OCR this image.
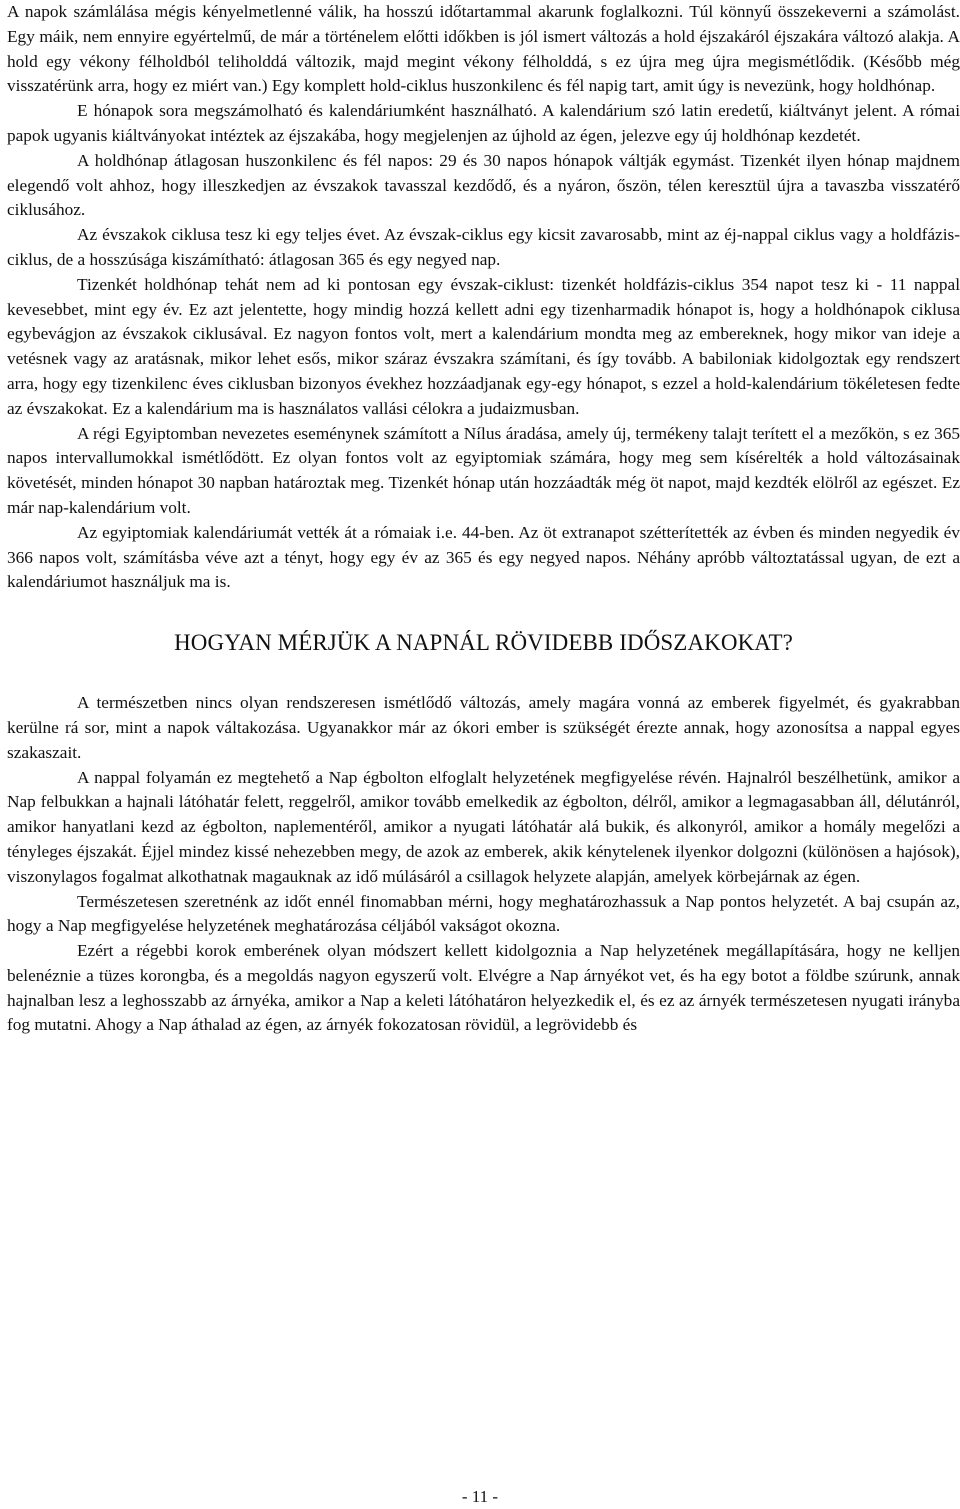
A napok számlálása mégis kényelmetlenné válik, ha hosszú időtartammal akarunk foglalkozni. Túl könnyű összekeverni a számolást. Egy máik, nem ennyire egyértelmű, de már a történelem előtti időkben is jól ismert változás a hold éjszakáról éjszakára változó alakja. A hold egy vékony félholdból teliholddá változik, majd megint vékony félholddá, s ez újra meg újra megismétlődik. (Később még visszatérünk arra, hogy ez miért van.) Egy komplett hold-ciklus huszonkilenc és fél napig tart, amit úgy is nevezünk, hogy holdhónap.

E hónapok sora megszámolható és kalendáriumként használható. A kalendárium szó latin eredetű, kiáltványt jelent. A római papok ugyanis kiáltványokat intéztek az éjszakába, hogy megjelenjen az újhold az égen, jelezve egy új holdhónap kezdetét.

A holdhónap átlagosan huszonkilenc és fél napos: 29 és 30 napos hónapok váltják egymást. Tizenkét ilyen hónap majdnem elegendő volt ahhoz, hogy illeszkedjen az évszakok tavasszal kezdődő, és a nyáron, őszön, télen keresztül újra a tavaszba visszatérő ciklusához.

Az évszakok ciklusa tesz ki egy teljes évet. Az évszak-ciklus egy kicsit zavarosabb, mint az éj-nappal ciklus vagy a holdfázis-ciklus, de a hosszúsága kiszámítható: átlagosan 365 és egy negyed nap.

Tizenkét holdhónap tehát nem ad ki pontosan egy évszak-ciklust: tizenkét holdfázis-ciklus 354 napot tesz ki - 11 nappal kevesebbet, mint egy év. Ez azt jelentette, hogy mindig hozzá kellett adni egy tizenharmadik hónapot is, hogy a holdhónapok ciklusa egybevágjon az évszakok ciklusával. Ez nagyon fontos volt, mert a kalendárium mondta meg az embereknek, hogy mikor van ideje a vetésnek vagy az aratásnak, mikor lehet esős, mikor száraz évszakra számítani, és így tovább. A babiloniak kidolgoztak egy rendszert arra, hogy egy tizenkilenc éves ciklusban bizonyos évekhez hozzáadjanak egy-egy hónapot, s ezzel a hold-kalendárium tökéletesen fedte az évszakokat. Ez a kalendárium ma is használatos vallási célokra a judaizmusban.

A régi Egyiptomban nevezetes eseménynek számított a Nílus áradása, amely új, termékeny talajt terített el a mezőkön, s ez 365 napos intervallumokkal ismétlődött. Ez olyan fontos volt az egyiptomiak számára, hogy meg sem kísérelték a hold változásainak követését, minden hónapot 30 napban határoztak meg. Tizenkét hónap után hozzáadták még öt napot, majd kezdték elölről az egészet. Ez már nap-kalendárium volt.

Az egyiptomiak kalendáriumát vették át a rómaiak i.e. 44-ben. Az öt extranapot szétterítették az évben és minden negyedik év 366 napos volt, számításba véve azt a tényt, hogy egy év az 365 és egy negyed napos. Néhány apróbb változtatással ugyan, de ezt a kalendáriumot használjuk ma is.

HOGYAN MÉRJÜK A NAPNÁL RÖVIDEBB IDŐSZAKOKAT?

A természetben nincs olyan rendszeresen ismétlődő változás, amely magára vonná az emberek figyelmét, és gyakrabban kerülne rá sor, mint a napok váltakozása. Ugyanakkor már az ókori ember is szükségét érezte annak, hogy azonosítsa a nappal egyes szakaszait.

A nappal folyamán ez megtehető a Nap égbolton elfoglalt helyzetének megfigyelése révén. Hajnalról beszélhetünk, amikor a Nap felbukkan a hajnali látóhatár felett, reggelről, amikor tovább emelkedik az égbolton, délről, amikor a legmagasabban áll, délutánról, amikor hanyatlani kezd az égbolton, naplementéről, amikor a nyugati látóhatár alá bukik, és alkonyról, amikor a homály megelőzi a tényleges éjszakát. Éjjel mindez kissé nehezebben megy, de azok az emberek, akik kénytelenek ilyenkor dolgozni (különösen a hajósok), viszonylagos fogalmat alkothatnak magauknak az idő múlásáról a csillagok helyzete alapján, amelyek körbejárnak az égen.

Természetesen szeretnénk az időt ennél finomabban mérni, hogy meghatározhassuk a Nap pontos helyzetét. A baj csupán az, hogy a Nap megfigyelése helyzetének meghatározása céljából vakságot okozna.

Ezért a régebbi korok emberének olyan módszert kellett kidolgoznia a Nap helyzetének megállapítására, hogy ne kelljen belenéznie a tüzes korongba, és a megoldás nagyon egyszerű volt. Elvégre a Nap árnyékot vet, és ha egy botot a földbe szúrunk, annak hajnalban lesz a leghosszabb az árnyéka, amikor a Nap a keleti látóhatáron helyezkedik el, és ez az árnyék természetesen nyugati irányba fog mutatni. Ahogy a Nap áthalad az égen, az árnyék fokozatosan rövidül, a legrövidebb és

- 11 -
